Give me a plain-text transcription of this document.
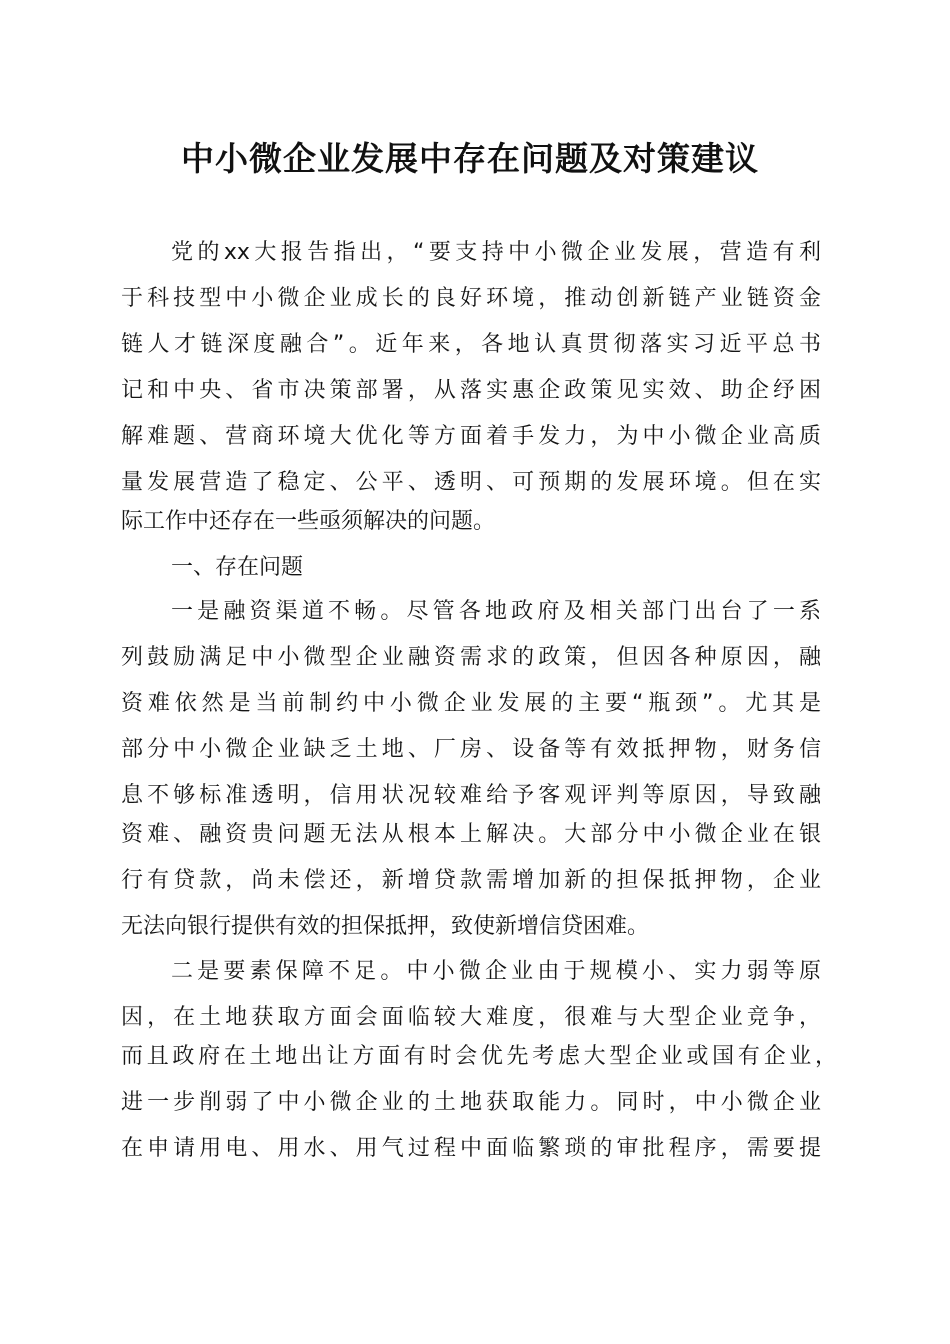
中小微企业发展中存在问题及对策建议
党的xx大报告指出，“要支持中小微企业发展，营造有利
于科技型中小微企业成长的良好环境，推动创新链产业链资金
链人才链深度融合”。近年来，各地认真贯彻落实习近平总书
记和中央、省市决策部署，从落实惠企政策见实效、助企纾困
解难题、营商环境大优化等方面着手发力，为中小微企业高质
量发展营造了稳定、公平、透明、可预期的发展环境。但在实
际工作中还存在一些亟须解决的问题。
一、存在问题
一是融资渠道不畅。尽管各地政府及相关部门出台了一系
列鼓励满足中小微型企业融资需求的政策，但因各种原因，融
资难依然是当前制约中小微企业发展的主要“瓶颈”。尤其是
部分中小微企业缺乏土地、厂房、设备等有效抵押物，财务信
息不够标准透明，信用状况较难给予客观评判等原因，导致融
资难、融资贵问题无法从根本上解决。大部分中小微企业在银
行有贷款，尚未偿还，新增贷款需增加新的担保抵押物，企业
无法向银行提供有效的担保抵押，致使新增信贷困难。
二是要素保障不足。中小微企业由于规模小、实力弱等原
因，在土地获取方面会面临较大难度，很难与大型企业竞争，
而且政府在土地出让方面有时会优先考虑大型企业或国有企业，
进一步削弱了中小微企业的土地获取能力。同时，中小微企业
在申请用电、用水、用气过程中面临繁琐的审批程序，需要提
